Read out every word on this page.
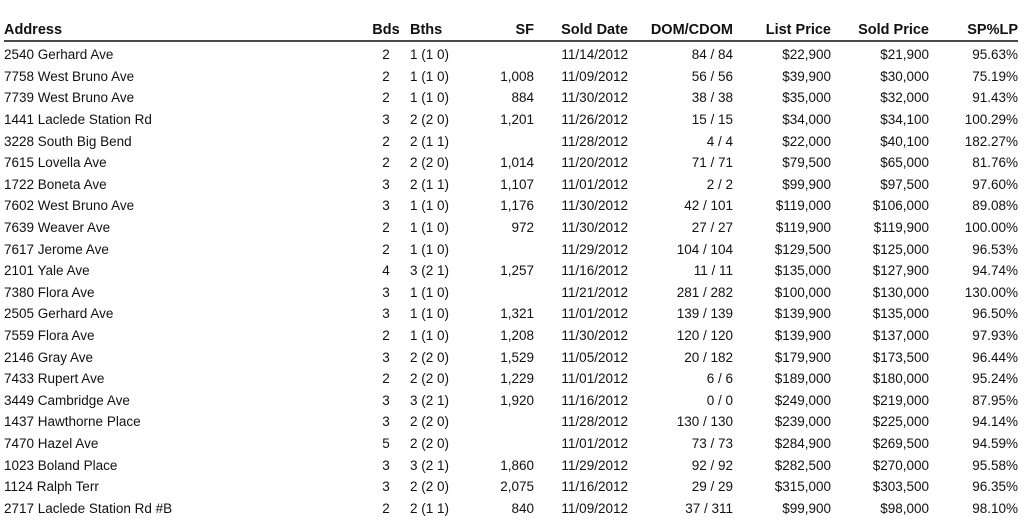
Address	Bds	Bths	SF	Sold Date	DOM/CDOM	List Price	Sold Price	SP%LP
2540 Gerhard Ave	2	1 (1 0)		11/14/2012	84 / 84	$22,900	$21,900	95.63%
7758 West Bruno Ave	2	1 (1 0)	1,008	11/09/2012	56 / 56	$39,900	$30,000	75.19%
7739 West Bruno Ave	2	1 (1 0)	884	11/30/2012	38 / 38	$35,000	$32,000	91.43%
1441 Laclede Station Rd	3	2 (2 0)	1,201	11/26/2012	15 / 15	$34,000	$34,100	100.29%
3228 South Big Bend	2	2 (1 1)		11/28/2012	4 / 4	$22,000	$40,100	182.27%
7615 Lovella Ave	2	2 (2 0)	1,014	11/20/2012	71 / 71	$79,500	$65,000	81.76%
1722 Boneta Ave	3	2 (1 1)	1,107	11/01/2012	2 / 2	$99,900	$97,500	97.60%
7602 West Bruno Ave	3	1 (1 0)	1,176	11/30/2012	42 / 101	$119,000	$106,000	89.08%
7639 Weaver Ave	2	1 (1 0)	972	11/30/2012	27 / 27	$119,900	$119,900	100.00%
7617 Jerome Ave	2	1 (1 0)		11/29/2012	104 / 104	$129,500	$125,000	96.53%
2101 Yale Ave	4	3 (2 1)	1,257	11/16/2012	11 / 11	$135,000	$127,900	94.74%
7380 Flora Ave	3	1 (1 0)		11/21/2012	281 / 282	$100,000	$130,000	130.00%
2505 Gerhard Ave	3	1 (1 0)	1,321	11/01/2012	139 / 139	$139,900	$135,000	96.50%
7559 Flora Ave	2	1 (1 0)	1,208	11/30/2012	120 / 120	$139,900	$137,000	97.93%
2146 Gray Ave	3	2 (2 0)	1,529	11/05/2012	20 / 182	$179,900	$173,500	96.44%
7433 Rupert Ave	2	2 (2 0)	1,229	11/01/2012	6 / 6	$189,000	$180,000	95.24%
3449 Cambridge Ave	3	3 (2 1)	1,920	11/16/2012	0 / 0	$249,000	$219,000	87.95%
1437 Hawthorne Place	3	2 (2 0)		11/28/2012	130 / 130	$239,000	$225,000	94.14%
7470 Hazel Ave	5	2 (2 0)		11/01/2012	73 / 73	$284,900	$269,500	94.59%
1023 Boland Place	3	3 (2 1)	1,860	11/29/2012	92 / 92	$282,500	$270,000	95.58%
1124 Ralph Terr	3	2 (2 0)	2,075	11/16/2012	29 / 29	$315,000	$303,500	96.35%
2717 Laclede Station Rd #B	2	2 (1 1)	840	11/09/2012	37 / 311	$99,900	$98,000	98.10%
